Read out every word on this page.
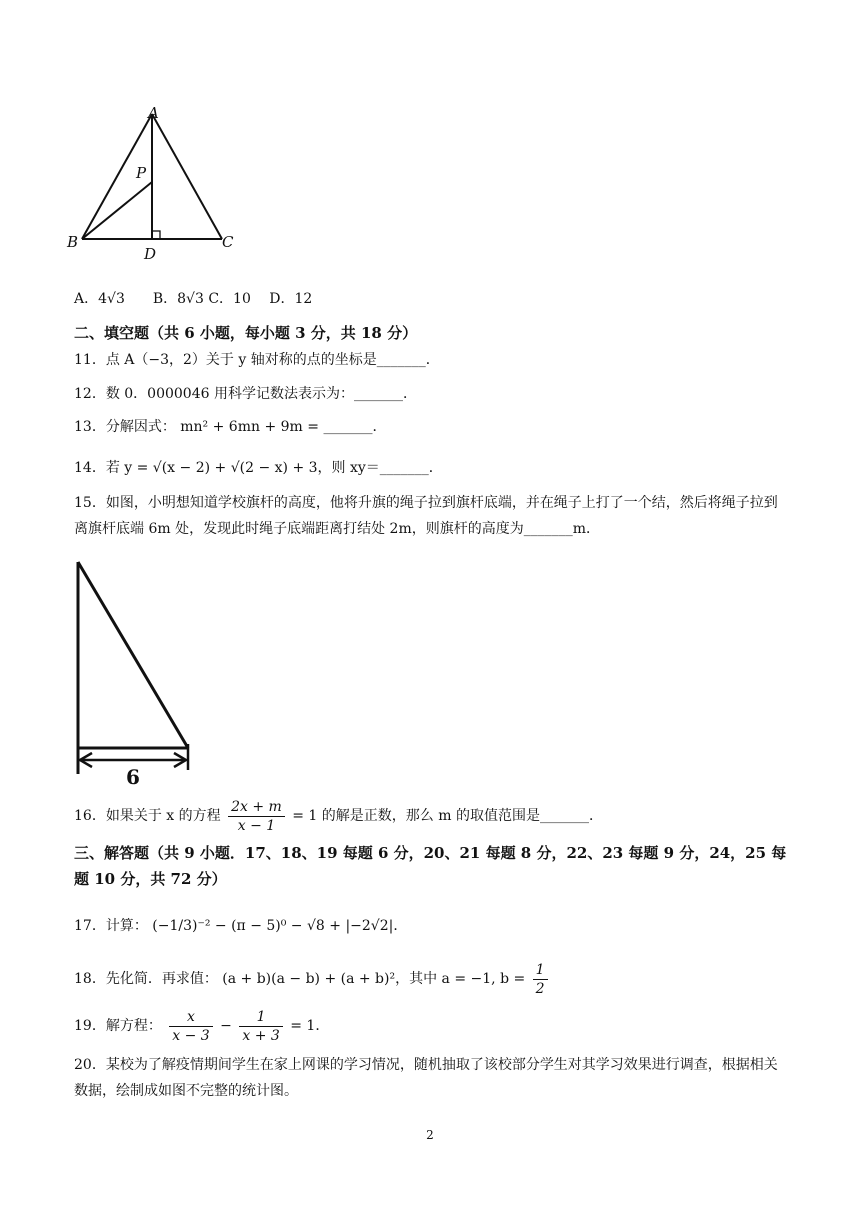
A
P
B
D
C
A．4√3　　B．8√3 C．10　 D．12
二、填空题（共 6 小题，每小题 3 分，共 18 分）
11．点 A（−3，2）关于 y 轴对称的点的坐标是_______．
12．数 0．0000046 用科学记数法表示为：_______．
13．分解因式： mn² + 6mn + 9m = _______．
14．若 y = √(x − 2) + √(2 − x) + 3，则 xy＝_______．
15．如图，小明想知道学校旗杆的高度，他将升旗的绳子拉到旗杆底端，并在绳子上打了一个结，然后将绳子拉到离旗杆底端 6m 处，发现此时绳子底端距离打结处 2m，则旗杆的高度为_______m．
6
16．如果关于 x 的方程 $\frac{2x + m}{x - 1} = 1$ 的解是正数，那么 m 的取值范围是_______．
三、解答题（共 9 小题．17、18、19 每题 6 分，20、21 每题 8 分，22、23 每题 9 分，24，25 每题 10 分，共 72 分）
17．计算： (−1/3)⁻² − (π − 5)⁰ − √8 + |−2√2|．
18．先化简．再求值： (a + b)(a − b) + (a + b)²，其中 a = −1, $b = \frac{1}{2}$
19．解方程： $\frac{x}{x - 3} - \frac{1}{x + 3} = 1$．
20．某校为了解疫情期间学生在家上网课的学习情况，随机抽取了该校部分学生对其学习效果进行调查，根据相关数据，绘制成如图不完整的统计图。
2
